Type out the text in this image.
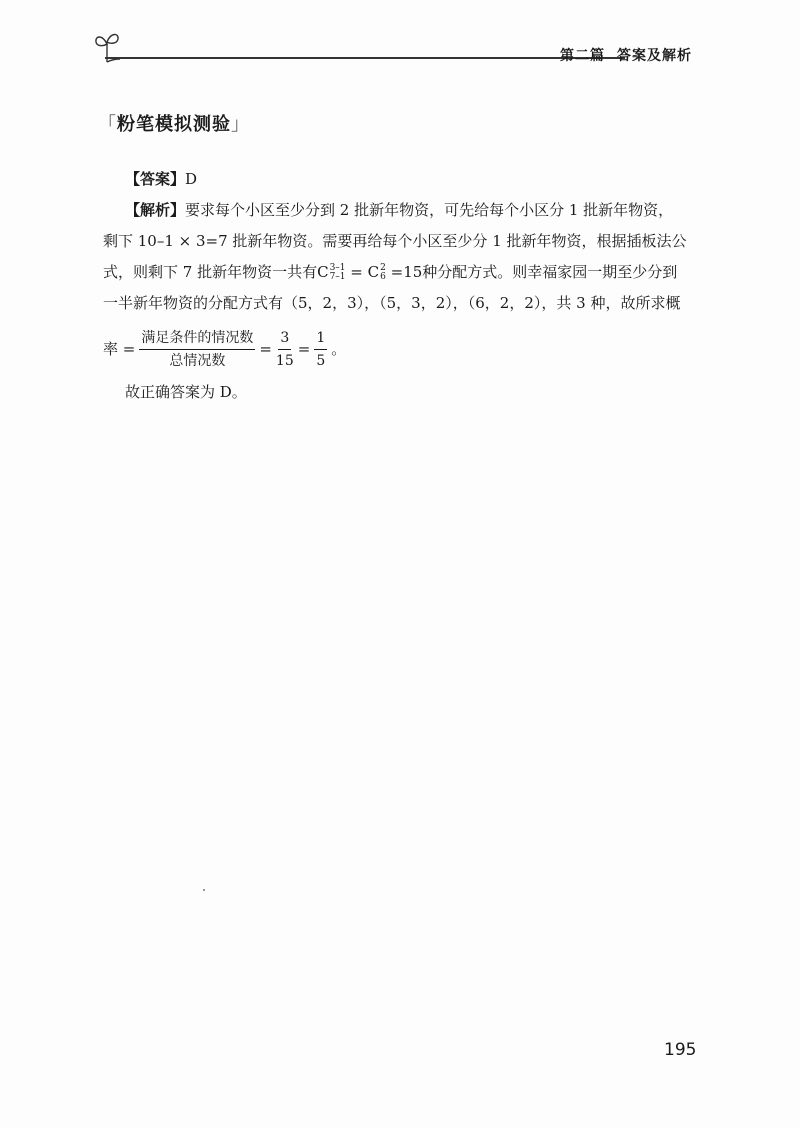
第二篇 答案及解析
「粉笔模拟测验」
【答案】D
【解析】要求每个小区至少分到 2 批新年物资，可先给每个小区分 1 批新年物资，
剩下 10–1 × 3=7 批新年物资。需要再给每个小区至少分 1 批新年物资，根据插板法公
式，则剩下 7 批新年物资一共有C 3–1
7–1 = C 2
6 =15种分配方式。则幸福家园一期至少分到
一半新年物资的分配方式有（5，2，3），（5，3，2），（6，2，2），共 3 种，故所求概
率 = $\frac{\text{满足条件的情况数}}{\text{总情况数}} = \frac{3}{15} = \frac{1}{5}$ 。
故正确答案为 D。
195
